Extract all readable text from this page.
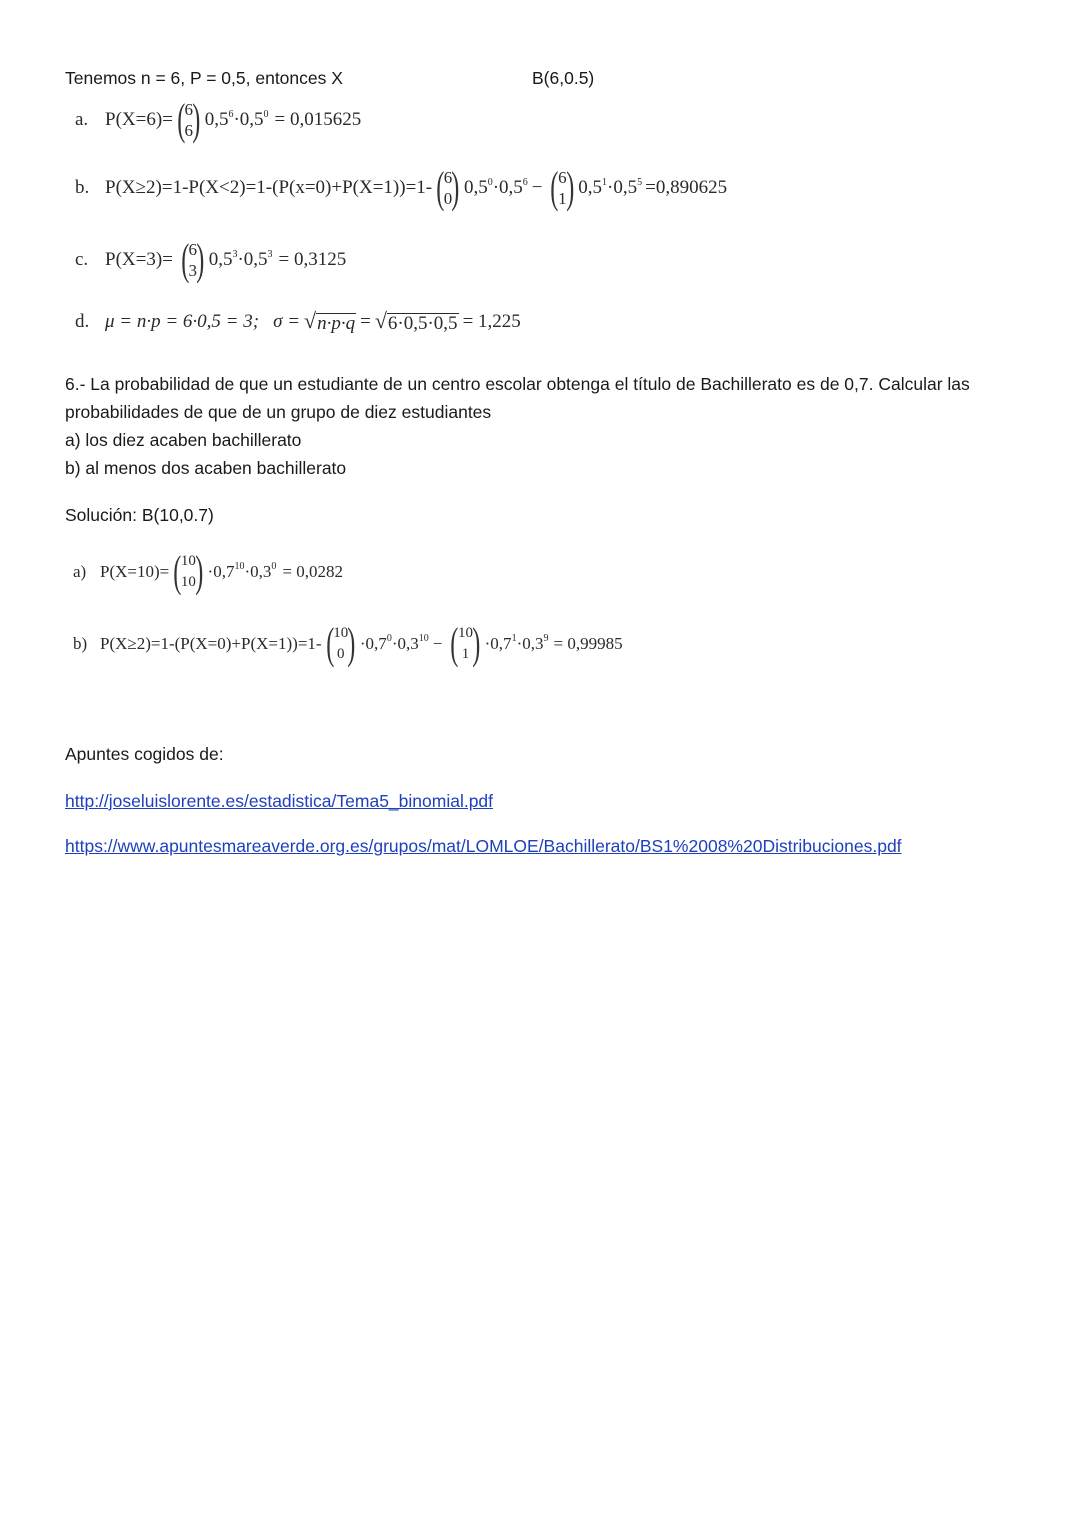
Tenemos n = 6, P = 0,5, entonces X	B(6,0.5)
a. P(X=6)= ( 6
6 ) $0,5^6\cdot 0,5^0 = 0,015625$
b. P(X≥2)=1-P(X<2)=1-(P(x=0)+P(X=1))=1- ( 6
0 ) $0,5^0\cdot 0,5^6$ − ( 6
1 ) $0,5^1\cdot 0,5^5 =0,890625$
c. P(X=3)= ( 6
3 ) $0,5^3\cdot 0,5^3 = 0,3125$
d. μ = n·p = 6·0,5 = 3; σ = √ n·p·q = √ 6·0,5·0,5 = 1,225
6.- La probabilidad de que un estudiante de un centro escolar obtenga el título de Bachillerato es de 0,7. Calcular las
probabilidades de que de un grupo de diez estudiantes
a) los diez acaben bachillerato
b) al menos dos acaben bachillerato
Solución: B(10,0.7)
a) P(X=10)= ( 10
10 ) $\cdot 0,7^{10}\cdot 0,3^0 = 0,0282$
b) P(X≥2)=1-(P(X=0)+P(X=1))=1- ( 10
0 ) $\cdot 0,7^0\cdot 0,3^{10}$ − ( 10
1 ) $\cdot 0,7^1\cdot 0,3^9 = 0,99985$
Apuntes cogidos de:
http://joseluislorente.es/estadistica/Tema5_binomial.pdf
https://www.apuntesmareaverde.org.es/grupos/mat/LOMLOE/Bachillerato/BS1%2008%20Distribuciones.pdf
